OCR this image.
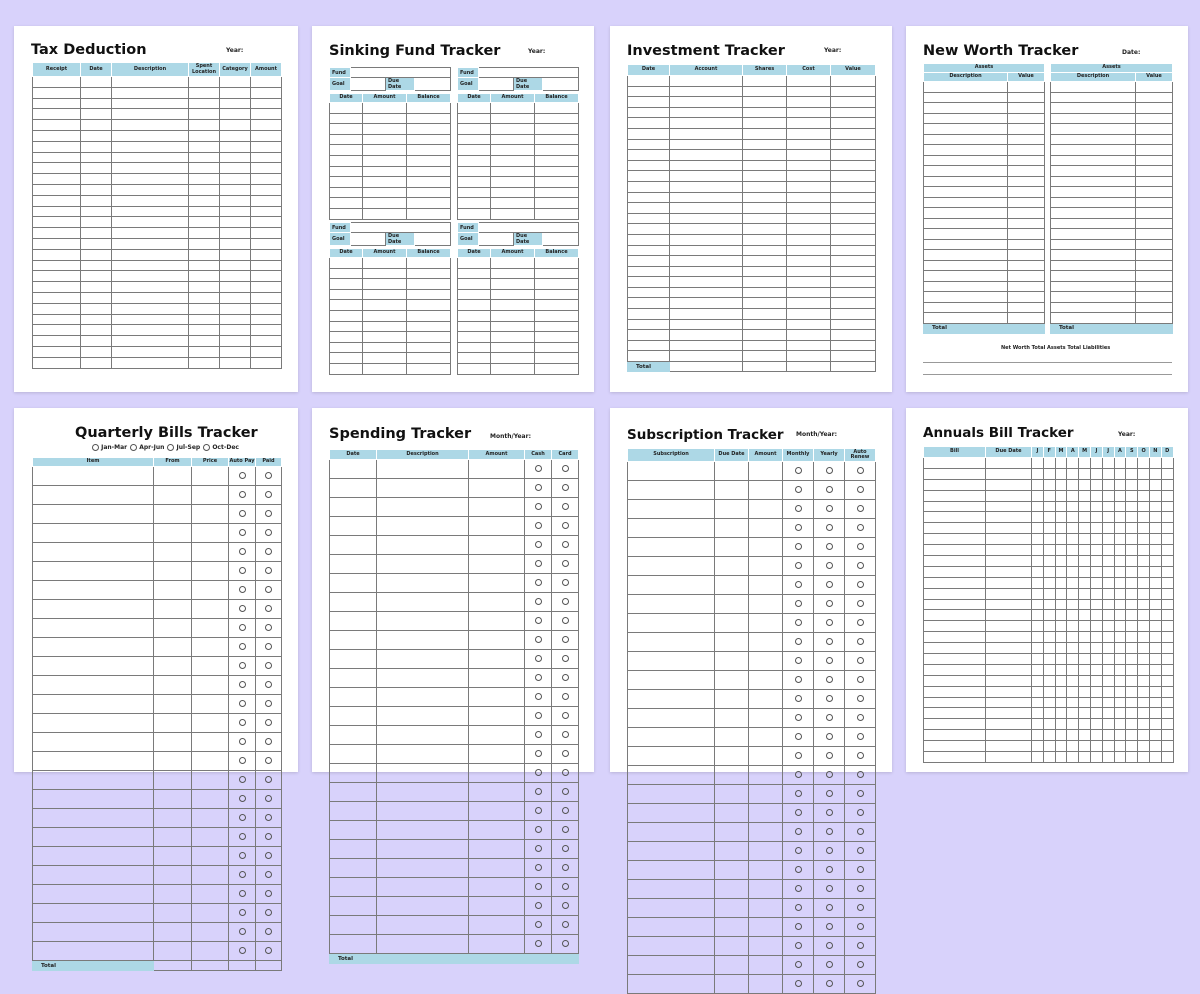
Tax Deduction	Year:
Receipt	Date	Description	Spent Location	Category	Amount

Sinking Fund Tracker	Year:
Fund			
Goal		Due Date	
Date	Amount	Balance

Fund			
Goal		Due Date	
Date	Amount	Balance

Fund			
Goal		Due Date	
Date	Amount	Balance

Fund			
Goal		Due Date	
Date	Amount	Balance

Investment Tracker	Year:
Date	Account	Shares	Cost	Value

Total				
New Worth Tracker	Date:
Assets	
Description	Value

Total	
Assets	
Description	Value

Total	
Net Worth Total Assets Total Liabilities
Quarterly Bills Tracker
Jan-Mar Apr-Jun Jul-Sep Oct-Dec
Item	From	Price	Auto Pay	Paid

Total				
Spending Tracker	Month/Year:
Date	Description	Amount	Cash	Card

Total				
Subscription Tracker Month/Year:
Subscription	Due Date	Amount	Monthly	Yearly	Auto Renew

Annuals Bill Tracker	Year:
Bill	Due Date	J	F	M	A	M	J	J	A	S	O	N	D
